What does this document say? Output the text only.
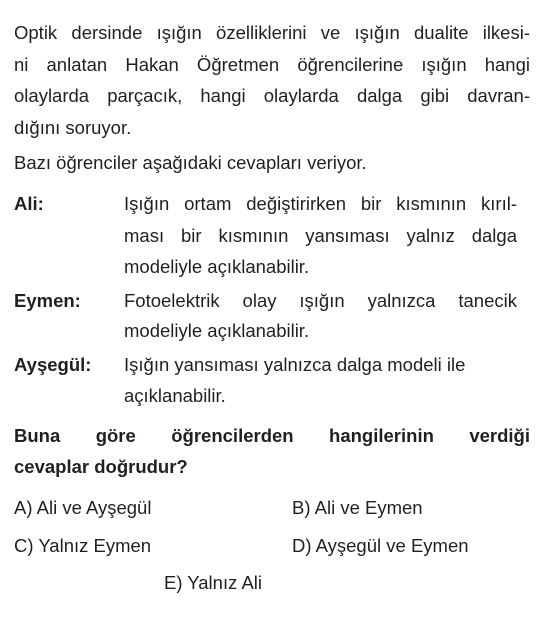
Optik dersinde ışığın özelliklerini ve ışığın dualite ilkesi-
ni anlatan Hakan Öğretmen öğrencilerine ışığın hangi
olaylarda parçacık, hangi olaylarda dalga gibi davran-
dığını soruyor.
Bazı öğrenciler aşağıdaki cevapları veriyor.
Ali:	Işığın ortam değiştirirken bir kısmının kırıl-
ması bir kısmının yansıması yalnız dalga
modeliyle açıklanabilir.
Eymen: Fotoelektrik olay ışığın yalnızca tanecik
modeliyle açıklanabilir.
Ayşegül: Işığın yansıması yalnızca dalga modeli ile
açıklanabilir.
Buna göre öğrencilerden hangilerinin verdiği
cevaplar doğrudur?
A) Ali ve Ayşegül	B) Ali ve Eymen
C) Yalnız Eymen	D) Ayşegül ve Eymen
E) Yalnız Ali
